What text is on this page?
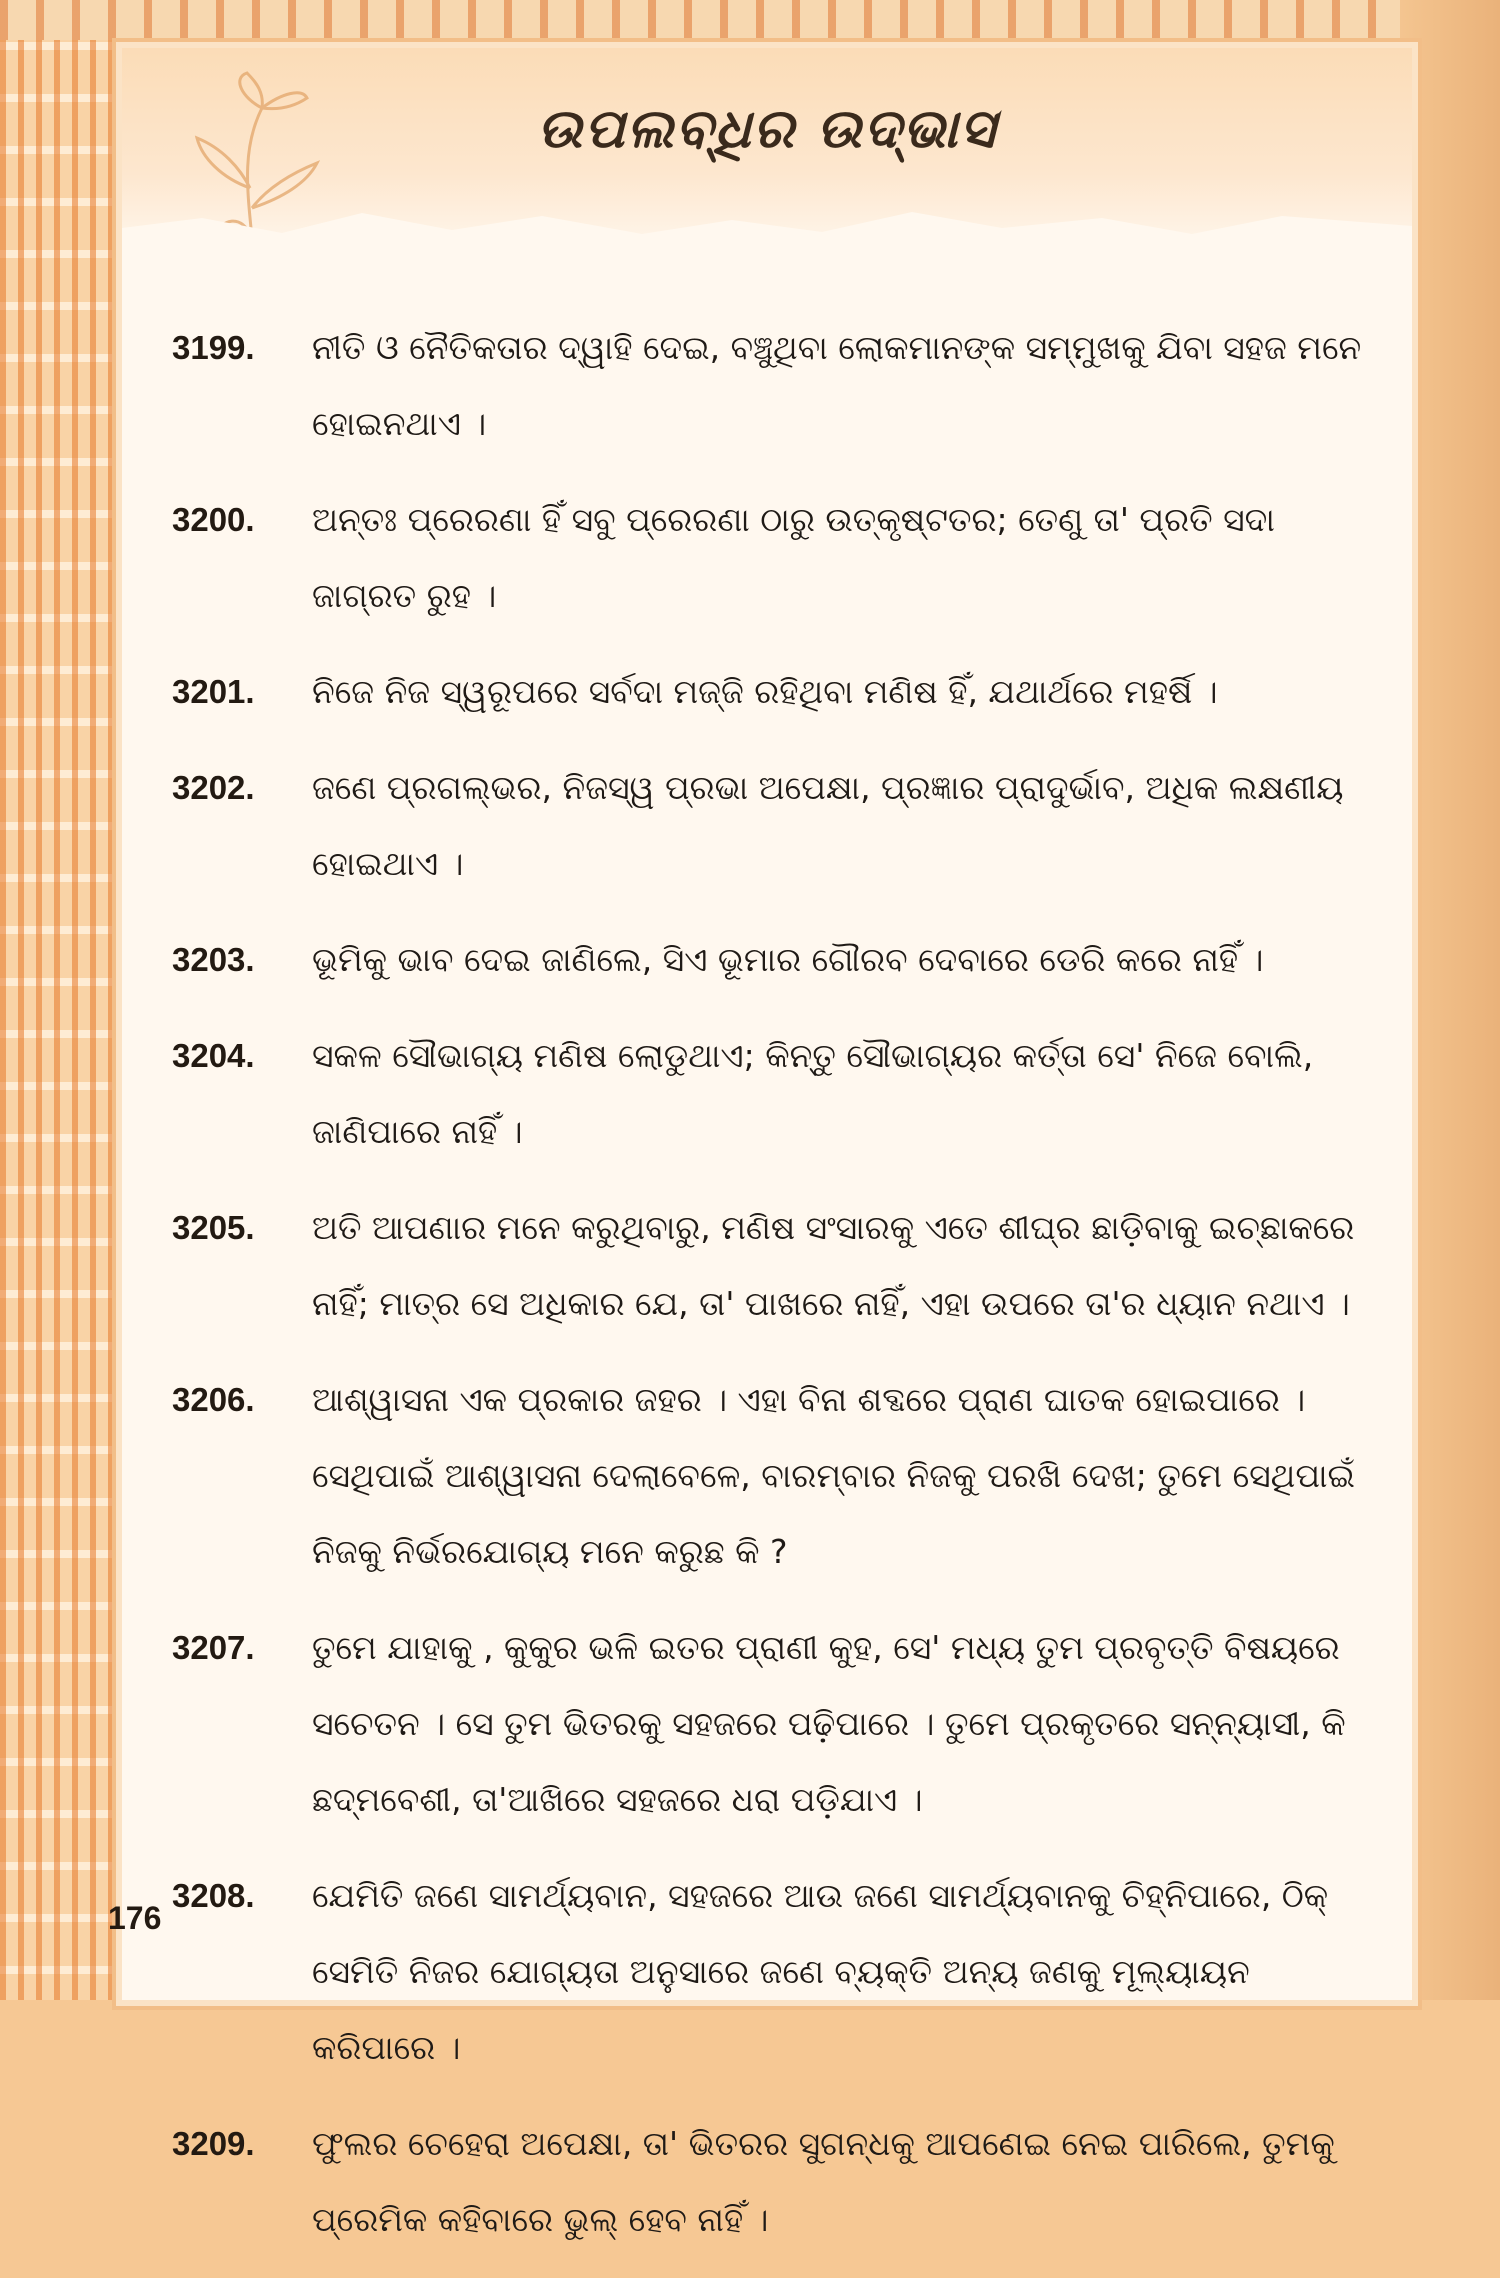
ଉପଲବ୍ଧିର ଉଦ୍ଭାସ
3199.	ନୀତି ଓ ନୈତିକତାର ଦ୍ୱାହି ଦେଇ, ବଞ୍ଚୁଥିବା ଲୋକମାନଙ୍କ ସମ୍ମୁଖକୁ ଯିବା ସହଜ ମନେ ହୋଇନଥାଏ ।
3200.	ଅନ୍ତଃ ପ୍ରେରଣା ହିଁ ସବୁ ପ୍ରେରଣା ଠାରୁ ଉତ୍କୃଷ୍ଟତର; ତେଣୁ ତା' ପ୍ରତି ସଦା ଜାଗ୍ରତ ରୁହ ।
3201.	ନିଜେ ନିଜ ସ୍ୱରୂପରେ ସର୍ବଦା ମଜ୍ଜି ରହିଥିବା ମଣିଷ ହିଁ, ଯଥାର୍ଥରେ ମହର୍ଷି ।
3202.	ଜଣେ ପ୍ରଗଲ୍ଭର, ନିଜସ୍ୱ ପ୍ରଭା ଅପେକ୍ଷା, ପ୍ରଜ୍ଞାର ପ୍ରାଦୁର୍ଭାବ, ଅଧିକ ଲକ୍ଷଣୀୟ ହୋଇଥାଏ ।
3203.	ଭୂମିକୁ ଭାବ ଦେଇ ଜାଣିଲେ, ସିଏ ଭୂମାର ଗୌରବ ଦେବାରେ ଡେରି କରେ ନାହିଁ ।
3204.	ସକଳ ସୌଭାଗ୍ୟ ମଣିଷ ଲୋଡୁଥାଏ; କିନ୍ତୁ ସୌଭାଗ୍ୟର କର୍ତ୍ତା ସେ' ନିଜେ ବୋଲି, ଜାଣିପାରେ ନାହିଁ ।
3205.	ଅତି ଆପଣାର ମନେ କରୁଥିବାରୁ, ମଣିଷ ସଂସାରକୁ ଏତେ ଶୀଘ୍ର ଛାଡ଼ିବାକୁ ଇଚ୍ଛାକରେ ନାହିଁ; ମାତ୍ର ସେ ଅଧିକାର ଯେ, ତା' ପାଖରେ ନାହିଁ, ଏହା ଉପରେ ତା'ର ଧ୍ୟାନ ନଥାଏ ।
3206.	ଆଶ୍ୱାସନା ଏକ ପ୍ରକାର ଜହର । ଏହା ବିନା ଶବ୍ଦରେ ପ୍ରାଣ ଘାତକ ହୋଇପାରେ । ସେଥିପାଇଁ ଆଶ୍ୱାସନା ଦେଲାବେଳେ, ବାରମ୍ବାର ନିଜକୁ ପରଖି ଦେଖ; ତୁମେ ସେଥିପାଇଁ ନିଜକୁ ନିର୍ଭରଯୋଗ୍ୟ ମନେ କରୁଛ କି ?
3207.	ତୁମେ ଯାହାକୁ , କୁକୁର ଭଳି ଇତର ପ୍ରାଣୀ କୁହ, ସେ' ମଧ୍ୟ ତୁମ ପ୍ରବୃତ୍ତି ବିଷୟରେ ସଚେତନ । ସେ ତୁମ ଭିତରକୁ ସହଜରେ ପଢ଼ିପାରେ । ତୁମେ ପ୍ରକୃତରେ ସନ୍ନ୍ୟାସୀ, କି ଛଦ୍ମବେଶୀ, ତା'ଆଖିରେ ସହଜରେ ଧରା ପଡ଼ିଯାଏ ।
3208.	ଯେମିତି ଜଣେ ସାମର୍ଥ୍ୟବାନ, ସହଜରେ ଆଉ ଜଣେ ସାମର୍ଥ୍ୟବାନକୁ ଚିହ୍ନିପାରେ, ଠିକ୍ ସେମିତି ନିଜର ଯୋଗ୍ୟତା ଅନୁସାରେ ଜଣେ ବ୍ୟକ୍ତି ଅନ୍ୟ ଜଣକୁ ମୂଲ୍ୟାୟନ କରିପାରେ ।
3209.	ଫୁଲର ଚେହେରା ଅପେକ୍ଷା, ତା' ଭିତରର ସୁଗନ୍ଧକୁ ଆପଣେଇ ନେଇ ପାରିଲେ, ତୁମକୁ ପ୍ରେମିକ କହିବାରେ ଭୁଲ୍ ହେବ ନାହିଁ ।
176
